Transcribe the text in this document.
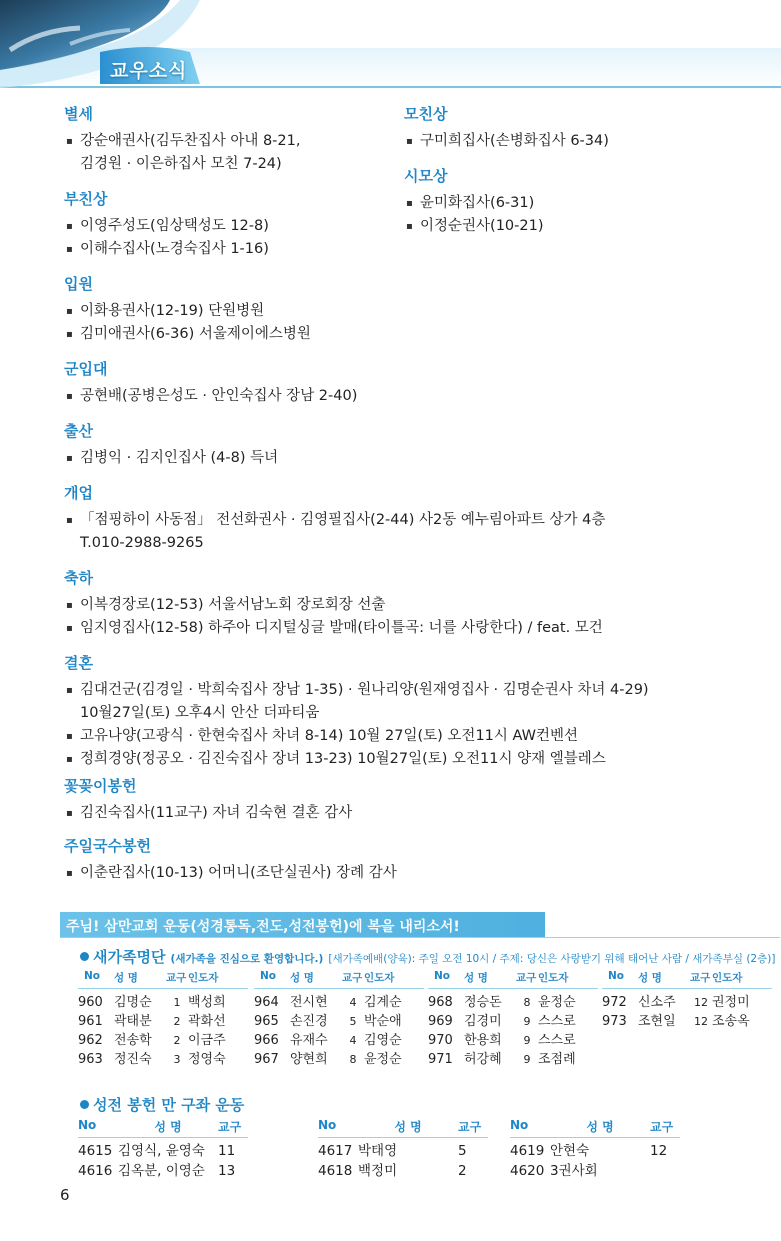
교우소식
별세
▪ 강순애권사(김두찬집사 아내 8-21,
김경원 · 이은하집사 모친 7-24)
부친상
▪ 이영주성도(임상택성도 12-8)
▪ 이해수집사(노경숙집사 1-16)
입원
▪ 이화용권사(12-19) 단원병원
▪ 김미애권사(6-36) 서울제이에스병원
군입대
▪ 공현배(공병은성도 · 안인숙집사 장남 2-40)
출산
▪ 김병익 · 김지인집사 (4-8) 득녀
개업
▪ 「점핑하이 사동점」 전선화권사 · 김영필집사(2-44) 사2동 예누림아파트 상가 4층
T.010-2988-9265
축하
▪ 이복경장로(12-53) 서울서남노회 장로회장 선출
▪ 임지영집사(12-58) 하주아 디지털싱글 발매(타이틀곡: 너를 사랑한다) / feat. 모건
결혼
▪ 김대건군(김경일 · 박희숙집사 장남 1-35) · 원나리양(원재영집사 · 김명순권사 차녀 4-29)
10월27일(토) 오후4시 안산 더파티움
▪ 고유나양(고광식 · 한현숙집사 차녀 8-14) 10월 27일(토) 오전11시 AW컨벤션
▪ 정희경양(정공오 · 김진숙집사 장녀 13-23) 10월27일(토) 오전11시 양재 엘블레스
모친상
▪ 구미희집사(손병화집사 6-34)
시모상
▪ 윤미화집사(6-31)
▪ 이정순권사(10-21)
꽃꽂이봉헌
▪ 김진숙집사(11교구) 자녀 김숙현 결혼 감사
주일국수봉헌
▪ 이춘란집사(10-13) 어머니(조단실권사) 장례 감사
주님! 삼만교회 운동(성경통독,전도,성전봉헌)에 복을 내리소서!
새가족명단 (새가족을 진심으로 환영합니다.) [새가족예배(양육): 주일 오전 10시 / 주제: 당신은 사랑받기 위해 태어난 사람 / 새가족부실 (2층)]
No	성 명	교구 인도자
960 김명순	1 백성희
961 곽태분	2 곽화선
962 전송학	2 이금주
963 정진숙	3 정영숙
No	성 명	교구 인도자
964 전시현	4 김계순
965 손진경	5 박순애
966 유재수	4 김영순
967 양현희	8 윤정순
No	성 명	교구 인도자
968 정승돈	8 윤정순
969 김경미	9 스스로
970 한용희	9 스스로
971 허강혜	9 조점례
No	성 명	교구 인도자
972 신소주	12 권정미
973 조현일	12 조송옥
성전 봉헌 만 구좌 운동
No	성 명	교구
4615 김영식, 윤영숙 11
4616 김옥분, 이영순 13
No	성 명	교구
4617 박태영	5
4618 백정미	2
No	성 명	교구
4619 안현숙	12
4620 3권사회
6
